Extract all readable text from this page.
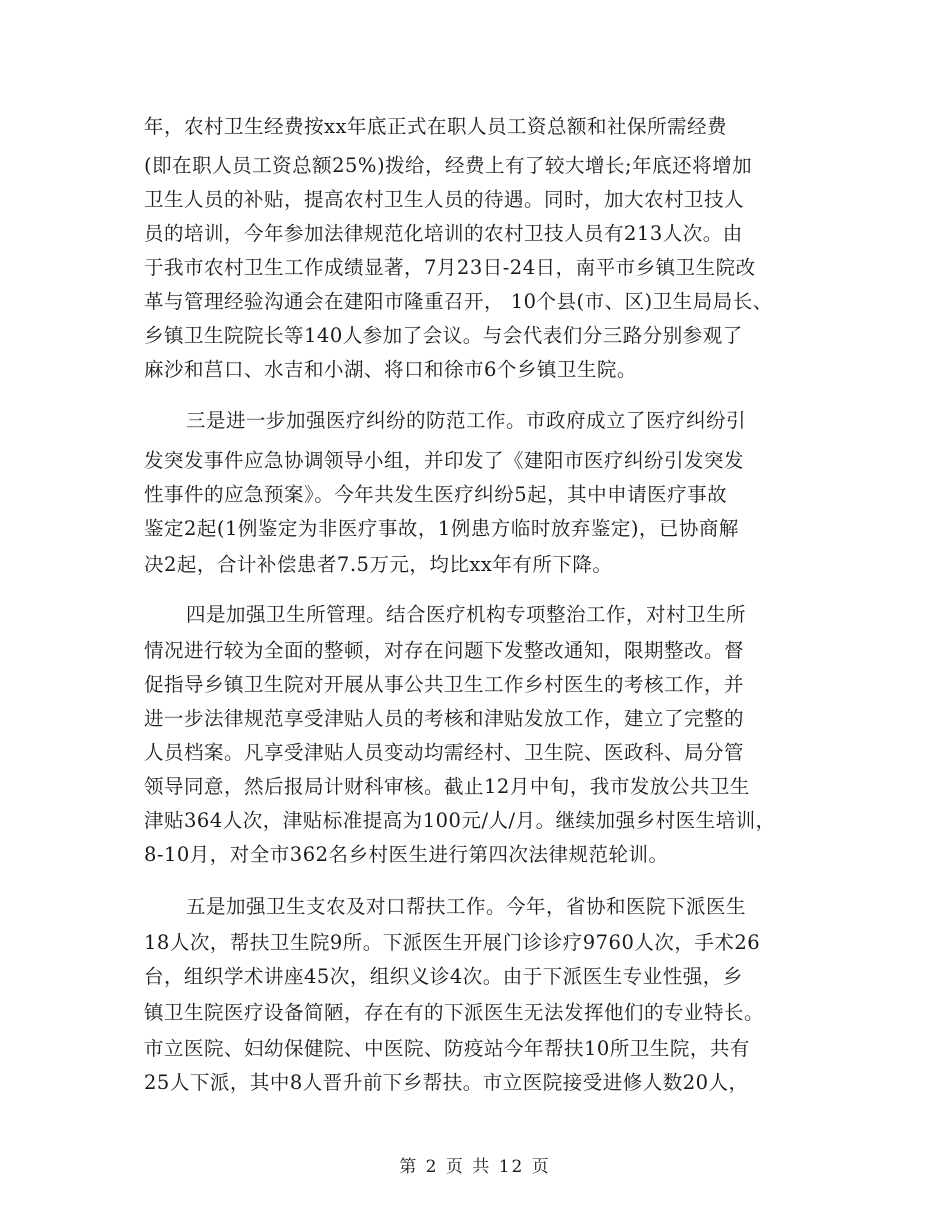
年，农村卫生经费按xx年底正式在职人员工资总额和社保所需经费
(即在职人员工资总额25%)拨给，经费上有了较大增长;年底还将增加
卫生人员的补贴，提高农村卫生人员的待遇。同时，加大农村卫技人
员的培训，今年参加法律规范化培训的农村卫技人员有213人次。由
于我市农村卫生工作成绩显著，7月23日-24日，南平市乡镇卫生院改
革与管理经验沟通会在建阳市隆重召开， 10个县(市、区)卫生局局长、
乡镇卫生院院长等140人参加了会议。与会代表们分三路分别参观了
麻沙和莒口、水吉和小湖、将口和徐市6个乡镇卫生院。
三是进一步加强医疗纠纷的防范工作。市政府成立了医疗纠纷引
发突发事件应急协调领导小组，并印发了《建阳市医疗纠纷引发突发
性事件的应急预案》。今年共发生医疗纠纷5起，其中申请医疗事故
鉴定2起(1例鉴定为非医疗事故，1例患方临时放弃鉴定)，已协商解
决2起，合计补偿患者7.5万元，均比xx年有所下降。
四是加强卫生所管理。结合医疗机构专项整治工作，对村卫生所
情况进行较为全面的整顿，对存在问题下发整改通知，限期整改。督
促指导乡镇卫生院对开展从事公共卫生工作乡村医生的考核工作，并
进一步法律规范享受津贴人员的考核和津贴发放工作，建立了完整的
人员档案。凡享受津贴人员变动均需经村、卫生院、医政科、局分管
领导同意，然后报局计财科审核。截止12月中旬，我市发放公共卫生
津贴364人次，津贴标准提高为100元/人/月。继续加强乡村医生培训，
8-10月，对全市362名乡村医生进行第四次法律规范轮训。
五是加强卫生支农及对口帮扶工作。今年，省协和医院下派医生
18人次，帮扶卫生院9所。下派医生开展门诊诊疗9760人次，手术26
台，组织学术讲座45次，组织义诊4次。由于下派医生专业性强，乡
镇卫生院医疗设备简陋，存在有的下派医生无法发挥他们的专业特长。
市立医院、妇幼保健院、中医院、防疫站今年帮扶10所卫生院，共有
25人下派，其中8人晋升前下乡帮扶。市立医院接受进修人数20人，
第 2 页 共 12 页
